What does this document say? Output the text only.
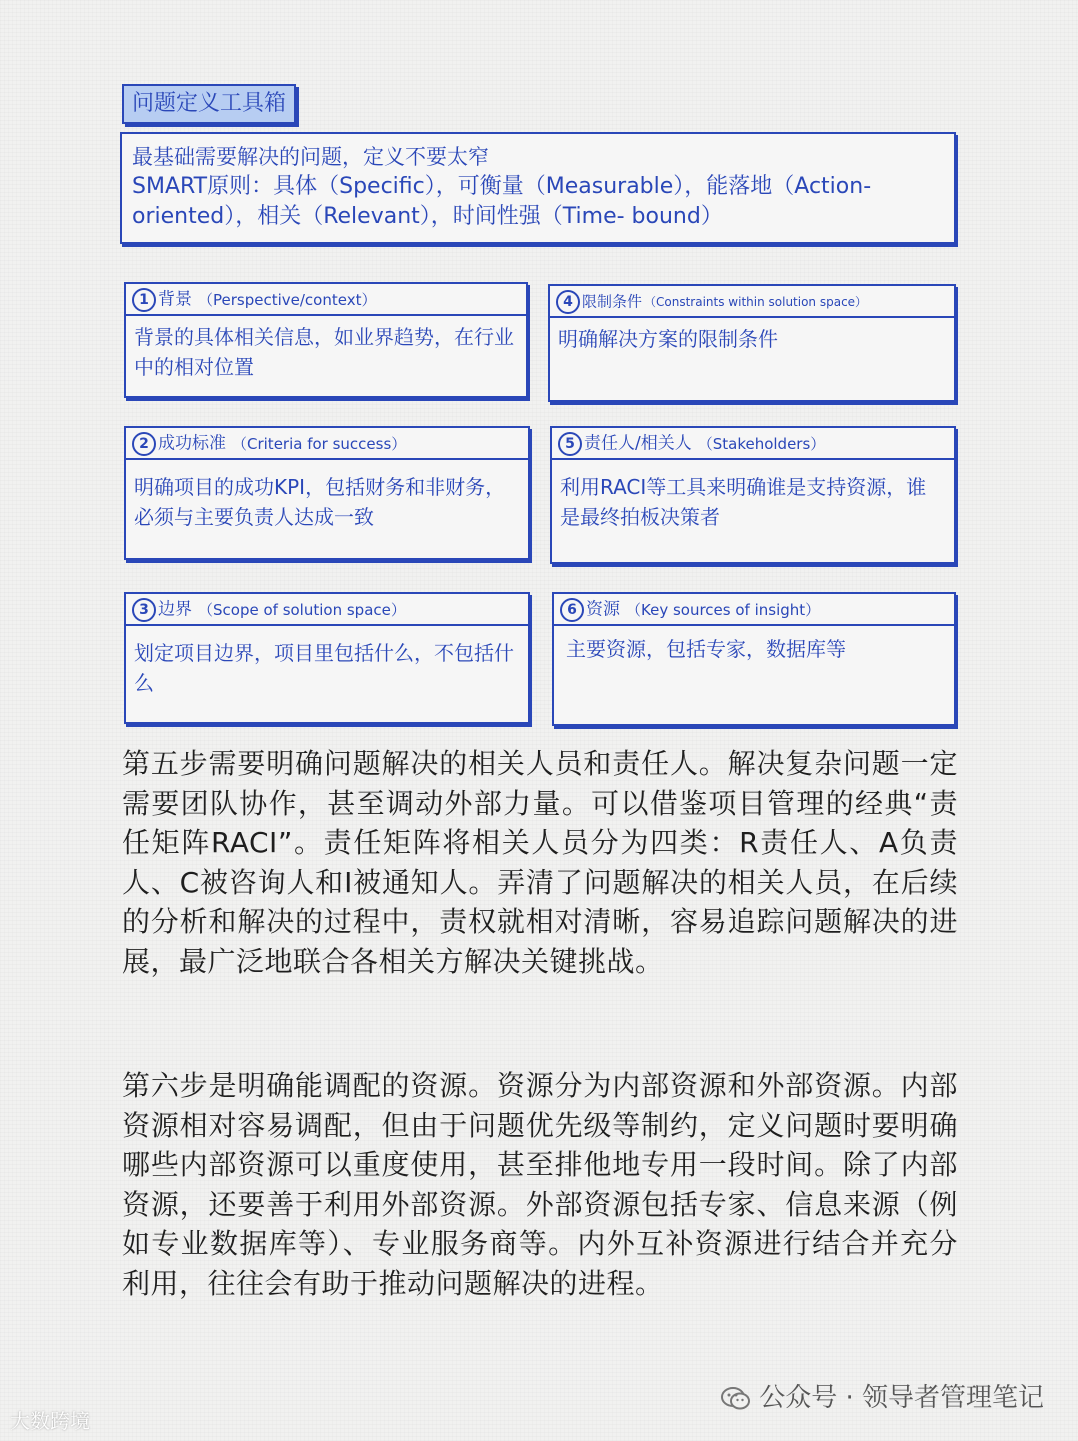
问题定义工具箱
最基础需要解决的问题，定义不要太窄
SMART原则：具体（Specific），可衡量（Measurable），能落地（Action-
oriented），相关（Relevant），时间性强（Time- bound）
1 背景 （Perspective/context）
背景的具体相关信息，如业界趋势，在行业中的相对位置
4 限制条件 （Constraints within solution space）
明确解决方案的限制条件
2 成功标准 （Criteria for success）
明确项目的成功KPI，包括财务和非财务，必须与主要负责人达成一致
5 责任人/相关人 （Stakeholders）
利用RACI等工具来明确谁是支持资源，谁是最终拍板决策者
3 边界 （Scope of solution space）
划定项目边界，项目里包括什么，不包括什么
6 资源 （Key sources of insight）
主要资源，包括专家，数据库等

第五步需要明确问题解决的相关人员和责任人。解决复杂问题一定需要团队协作，甚至调动外部力量。可以借鉴项目管理的经典“责任矩阵RACI”。责任矩阵将相关人员分为四类：R责任人、A负责人、C被咨询人和I被通知人。弄清了问题解决的相关人员，在后续的分析和解决的过程中，责权就相对清晰，容易追踪问题解决的进展，最广泛地联合各相关方解决关键挑战。

第六步是明确能调配的资源。资源分为内部资源和外部资源。内部资源相对容易调配，但由于问题优先级等制约，定义问题时要明确哪些内部资源可以重度使用，甚至排他地专用一段时间。除了内部资源，还要善于利用外部资源。外部资源包括专家、信息来源（例如专业数据库等）、专业服务商等。内外互补资源进行结合并充分利用，往往会有助于推动问题解决的进程。

公众号 · 领导者管理笔记
大数跨境
